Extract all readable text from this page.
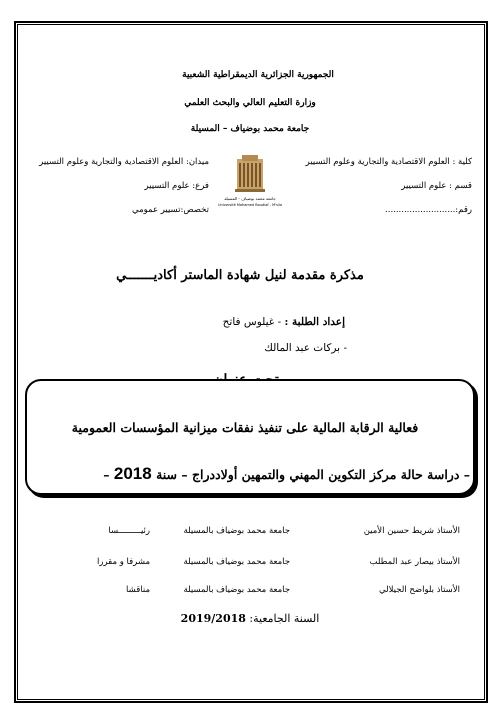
الجمهورية الجزائرية الديمقراطية الشعبية
وزارة التعليم العالي والبحث العلمي
جامعة محمد بوضياف – المسيلة
كلية : العلوم الاقتصادية والتجارية وعلوم التسيير
قسم : علوم التسيير
رقم:..........................
ميدان: العلوم الاقتصادية والتجارية وعلوم التسيير
فرع: علوم التسيير
تخصص:تسيير عمومي
جامعة محمد بوضياف - المسيلة
Université Mohamed Boudiaf - M'sila
مذكرة مقدمة لنيل شهادة الماستر أكاديـــــــي
إعداد الطلبة : - غيلوس فاتح
- بركات عبد المالك
فعالية الرقابة المالية على تنفيذ نفقات ميزانية المؤسسات العمومية
– دراسة حالة مركز التكوين المهني والتمهين أولاددراج – سنة 2018 –
الأستاذ شريط حسين الأمين
جامعة محمد بوضياف بالمسيلة
رئيـــــــــسا
الأستاذ بيصار عبد المطلب
جامعة محمد بوضياف بالمسيلة
مشرفا و مقررا
الأستاذ بلواضح الجيلالي
جامعة محمد بوضياف بالمسيلة
مناقشا
السنة الجامعية: 2019/2018
